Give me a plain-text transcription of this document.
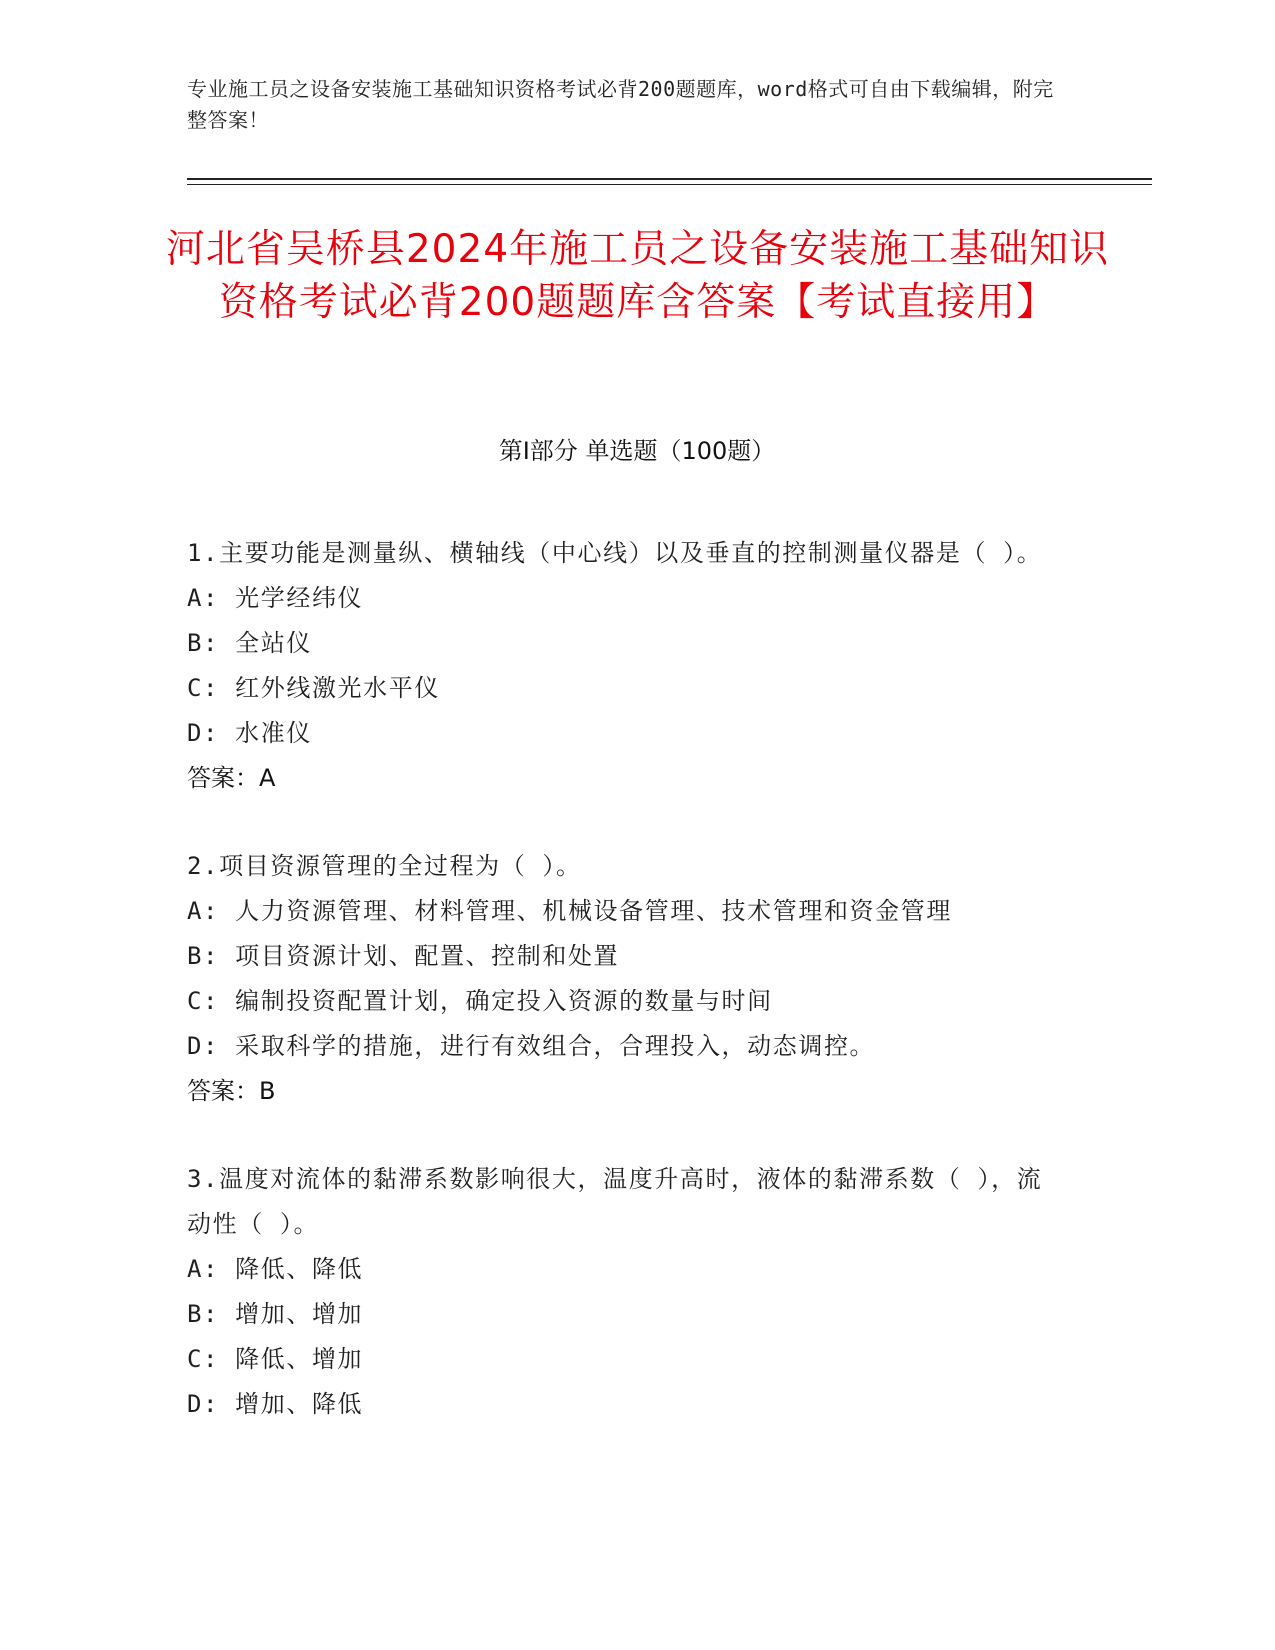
专业施工员之设备安装施工基础知识资格考试必背200题题库，word格式可自由下载编辑，附完整答案！
河北省吴桥县2024年施工员之设备安装施工基础知识资格考试必背200题题库含答案【考试直接用】
第I部分 单选题（100题）
1.主要功能是测量纵、横轴线（中心线）以及垂直的控制测量仪器是（ ）。
A: 光学经纬仪
B: 全站仪
C: 红外线激光水平仪
D: 水准仪
答案：A
2.项目资源管理的全过程为（ ）。
A: 人力资源管理、材料管理、机械设备管理、技术管理和资金管理
B: 项目资源计划、配置、控制和处置
C: 编制投资配置计划，确定投入资源的数量与时间
D: 采取科学的措施，进行有效组合，合理投入，动态调控。
答案：B
3.温度对流体的黏滞系数影响很大，温度升高时，液体的黏滞系数（ ），流动性（ ）。
A: 降低、降低
B: 增加、增加
C: 降低、增加
D: 增加、降低
